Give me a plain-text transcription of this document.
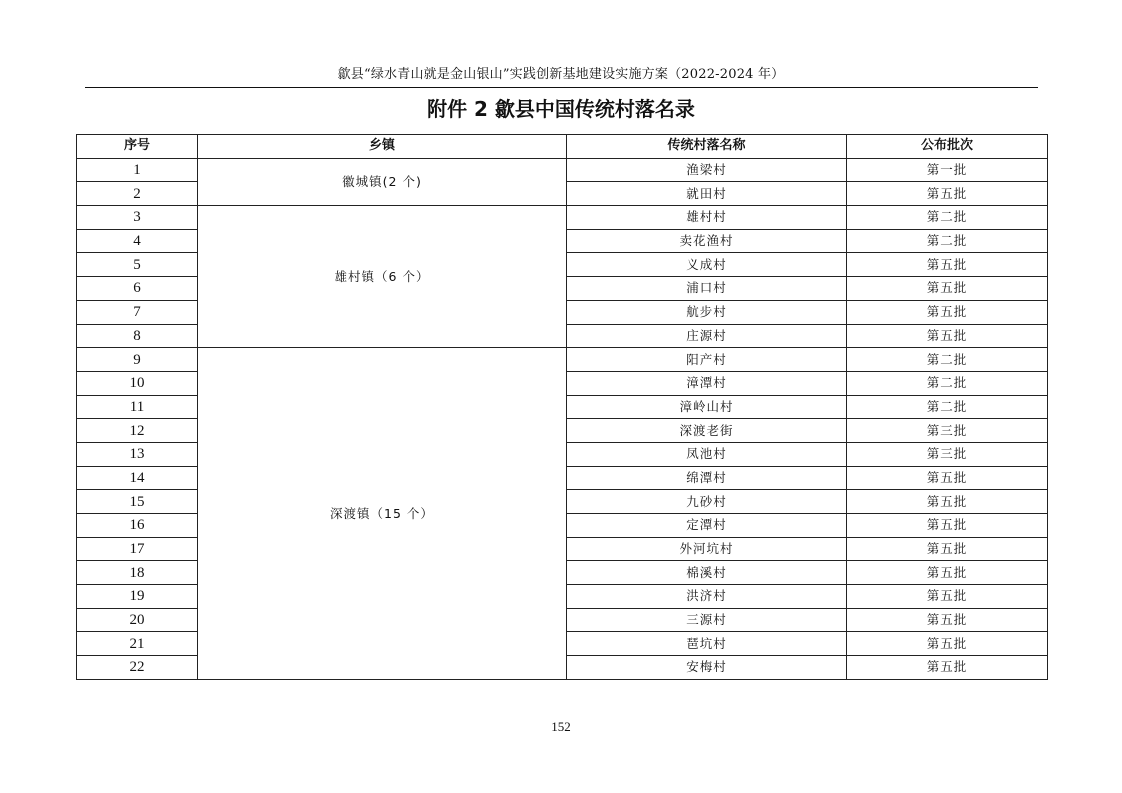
歙县“绿水青山就是金山银山”实践创新基地建设实施方案（2022-2024 年）
附件 2 歙县中国传统村落名录
序号	乡镇	传统村落名称	公布批次
1	徽城镇(2 个)	渔梁村	第一批
2		就田村	第五批
3	雄村镇（6 个）	雄村村	第二批
4		卖花渔村	第二批
5		义成村	第五批
6		浦口村	第五批
7		航步村	第五批
8		庄源村	第五批
9	深渡镇（15 个）	阳产村	第二批
10		漳潭村	第二批
11		漳岭山村	第二批
12		深渡老街	第三批
13		凤池村	第三批
14		绵潭村	第五批
15		九砂村	第五批
16		定潭村	第五批
17		外河坑村	第五批
18		棉溪村	第五批
19		洪济村	第五批
20		三源村	第五批
21		琶坑村	第五批
22		安梅村	第五批
152
